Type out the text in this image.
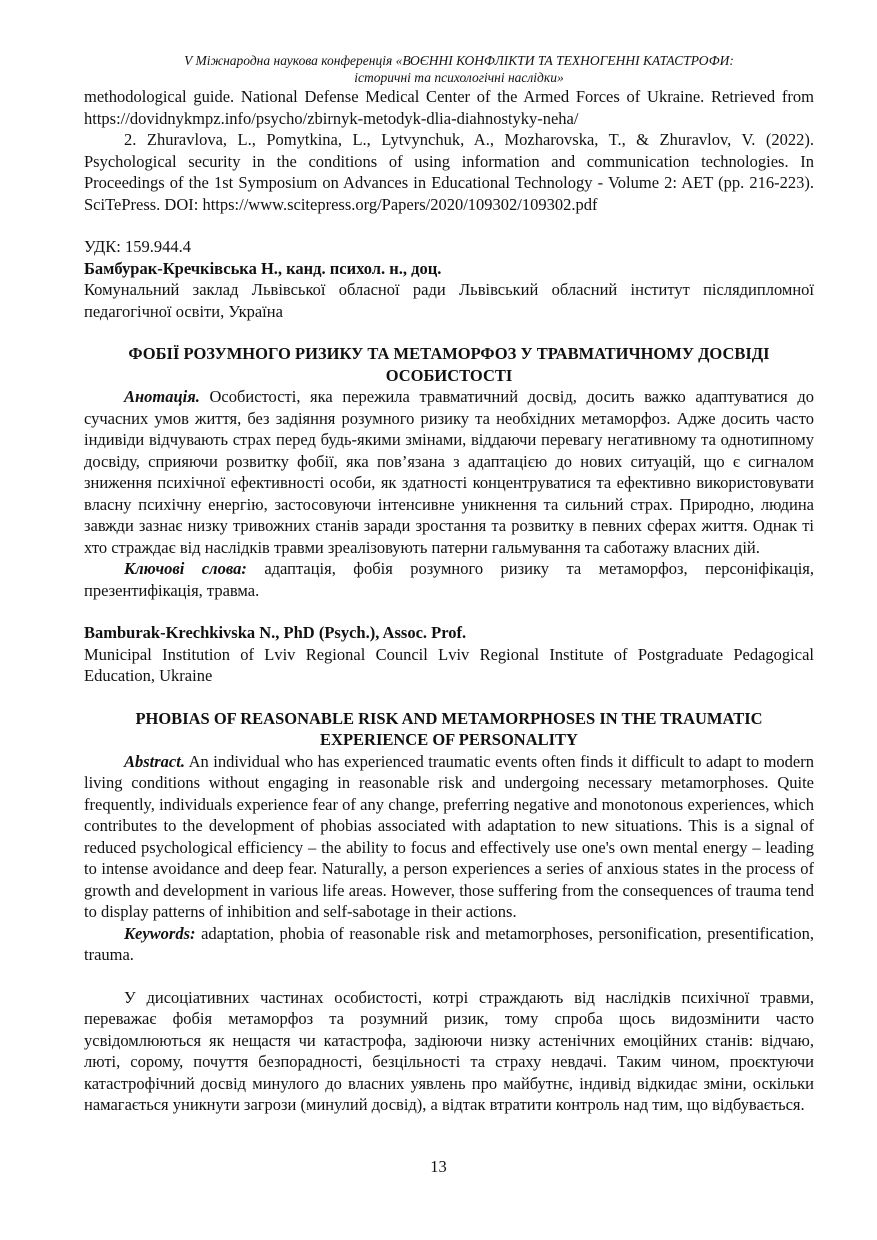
V Міжнародна наукова конференція «ВОЄННІ КОНФЛІКТИ ТА ТЕХНОГЕННІ КАТАСТРОФИ:
історичні та психологічні наслідки»

methodological guide. National Defense Medical Center of the Armed Forces of Ukraine. Retrieved from https://dovidnykmpz.info/psycho/zbirnyk-metodyk-dlia-diahnostyky-neha/

2. Zhuravlova, L., Pomytkina, L., Lytvynchuk, A., Mozharovska, T., & Zhuravlov, V. (2022). Psychological security in the conditions of using information and communication technologies. In Proceedings of the 1st Symposium on Advances in Educational Technology - Volume 2: AET (pp. 216-223). SciTePress. DOI: https://www.scitepress.org/Papers/2020/109302/109302.pdf

УДК: 159.944.4

Бамбурак-Кречківська Н., канд. психол. н., доц.

Комунальний заклад Львівської обласної ради Львівський обласний інститут післядипломної педагогічної освіти, Україна

ФОБІЇ РОЗУМНОГО РИЗИКУ ТА МЕТАМОРФОЗ У ТРАВМАТИЧНОМУ ДОСВІДІ
ОСОБИСТОСТІ

Анотація. Особистості, яка пережила травматичний досвід, досить важко адаптуватися до сучасних умов життя, без задіяння розумного ризику та необхідних метаморфоз. Адже досить часто індивіди відчувають страх перед будь-якими змінами, віддаючи перевагу негативному та однотипному досвіду, сприяючи розвитку фобії, яка пов’язана з адаптацією до нових ситуацій, що є сигналом зниження психічної ефективності особи, як здатності концентруватися та ефективно використовувати власну психічну енергію, застосовуючи інтенсивне уникнення та сильний страх. Природно, людина завжди зазнає низку тривожних станів заради зростання та розвитку в певних сферах життя. Однак ті хто страждає від наслідків травми зреалізовують патерни гальмування та саботажу власних дій.

Ключові слова: адаптація, фобія розумного ризику та метаморфоз, персоніфікація, презентифікація, травма.

Bamburak-Krechkivska N., PhD (Psych.), Assoc. Prof.

Municipal Institution of Lviv Regional Council Lviv Regional Institute of Postgraduate Pedagogical Education, Ukraine

PHOBIAS OF REASONABLE RISK AND METAMORPHOSES IN THE TRAUMATIC
EXPERIENCE OF PERSONALITY

Abstract. An individual who has experienced traumatic events often finds it difficult to adapt to modern living conditions without engaging in reasonable risk and undergoing necessary metamorphoses. Quite frequently, individuals experience fear of any change, preferring negative and monotonous experiences, which contributes to the development of phobias associated with adaptation to new situations. This is a signal of reduced psychological efficiency – the ability to focus and effectively use one's own mental energy – leading to intense avoidance and deep fear. Naturally, a person experiences a series of anxious states in the process of growth and development in various life areas. However, those suffering from the consequences of trauma tend to display patterns of inhibition and self-sabotage in their actions.

Keywords: adaptation, phobia of reasonable risk and metamorphoses, personification, presentification, trauma.

У дисоціативних частинах особистості, котрі страждають від наслідків психічної травми, переважає фобія метаморфоз та розумний ризик, тому спроба щось видозмінити часто усвідомлюються як нещастя чи катастрофа, задіюючи низку астенічних емоційних станів: відчаю, люті, сорому, почуття безпорадності, безцільності та страху невдачі. Таким чином, проєктуючи катастрофічний досвід минулого до власних уявлень про майбутнє, індивід відкидає зміни, оскільки намагається уникнути загрози (минулий досвід), а відтак втратити контроль над тим, що відбувається.

13
